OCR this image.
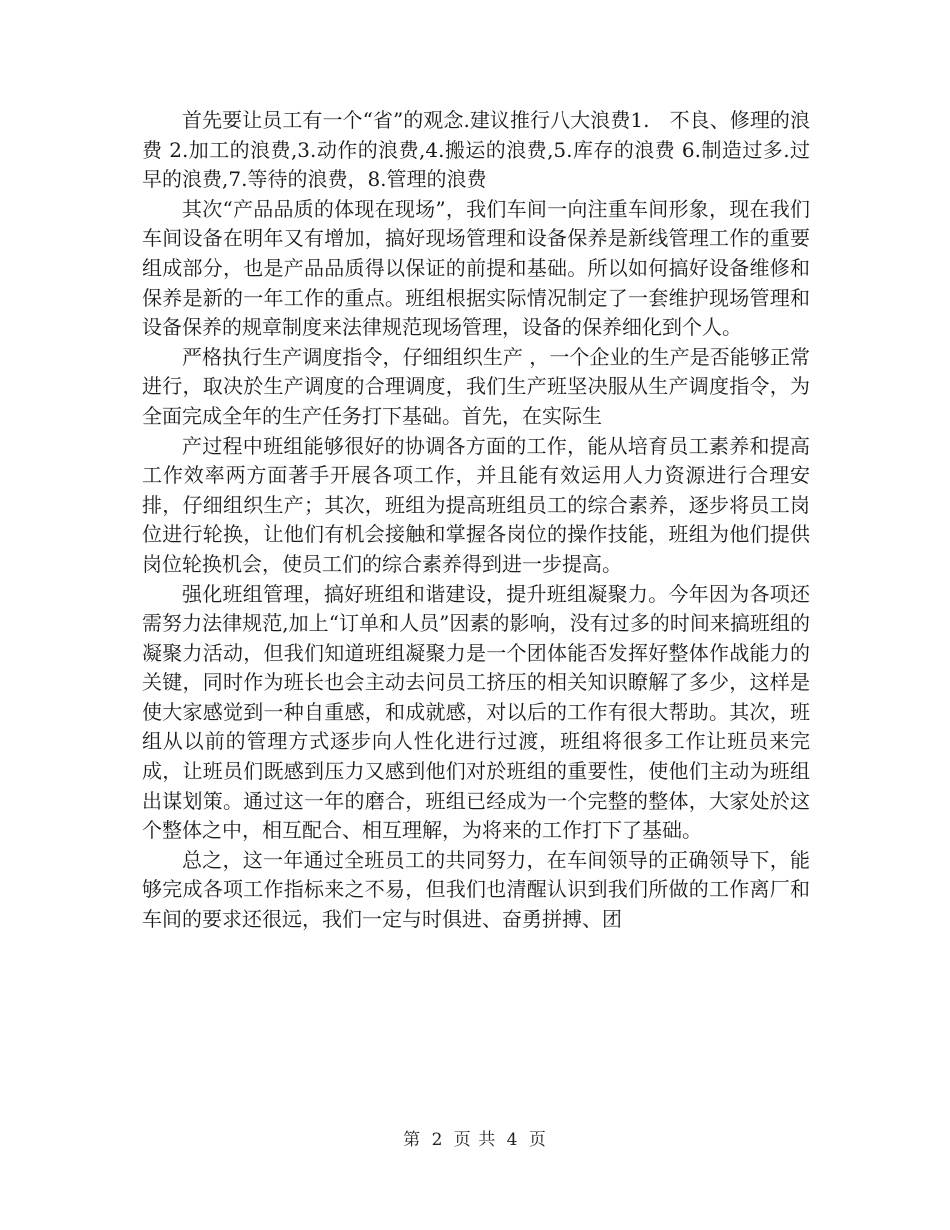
首先要让员工有一个“省”的观念.建议推行八大浪费1.　不良、修理的浪费 2.加工的浪费,3.动作的浪费,4.搬运的浪费,5.库存的浪费 6.制造过多.过早的浪费,7.等待的浪费，8.管理的浪费

其次“产品品质的体现在现场”，我们车间一向注重车间形象，现在我们车间设备在明年又有增加，搞好现场管理和设备保养是新线管理工作的重要组成部分，也是产品品质得以保证的前提和基础。所以如何搞好设备维修和保养是新的一年工作的重点。班组根据实际情况制定了一套维护现场管理和设备保养的规章制度来法律规范现场管理，设备的保养细化到个人。

严格执行生产调度指令，仔细组织生产 ，一个企业的生产是否能够正常进行，取决於生产调度的合理调度，我们生产班坚决服从生产调度指令，为全面完成全年的生产任务打下基础。首先，在实际生

产过程中班组能够很好的协调各方面的工作，能从培育员工素养和提高工作效率两方面著手开展各项工作，并且能有效运用人力资源进行合理安排，仔细组织生产；其次，班组为提高班组员工的综合素养，逐步将员工岗位进行轮换，让他们有机会接触和掌握各岗位的操作技能，班组为他们提供岗位轮换机会，使员工们的综合素养得到进一步提高。

强化班组管理，搞好班组和谐建设，提升班组凝聚力。今年因为各项还需努力法律规范,加上“订单和人员”因素的影响，没有过多的时间来搞班组的凝聚力活动，但我们知道班组凝聚力是一个团体能否发挥好整体作战能力的关键，同时作为班长也会主动去问员工挤压的相关知识瞭解了多少，这样是使大家感觉到一种自重感，和成就感，对以后的工作有很大帮助。其次，班组从以前的管理方式逐步向人性化进行过渡，班组将很多工作让班员来完成，让班员们既感到压力又感到他们对於班组的重要性，使他们主动为班组出谋划策。通过这一年的磨合，班组已经成为一个完整的整体，大家处於这个整体之中，相互配合、相互理解，为将来的工作打下了基础。

总之，这一年通过全班员工的共同努力，在车间领导的正确领导下，能够完成各项工作指标来之不易，但我们也清醒认识到我们所做的工作离厂和车间的要求还很远，我们一定与时俱进、奋勇拼搏、团

第 2 页 共 4 页
